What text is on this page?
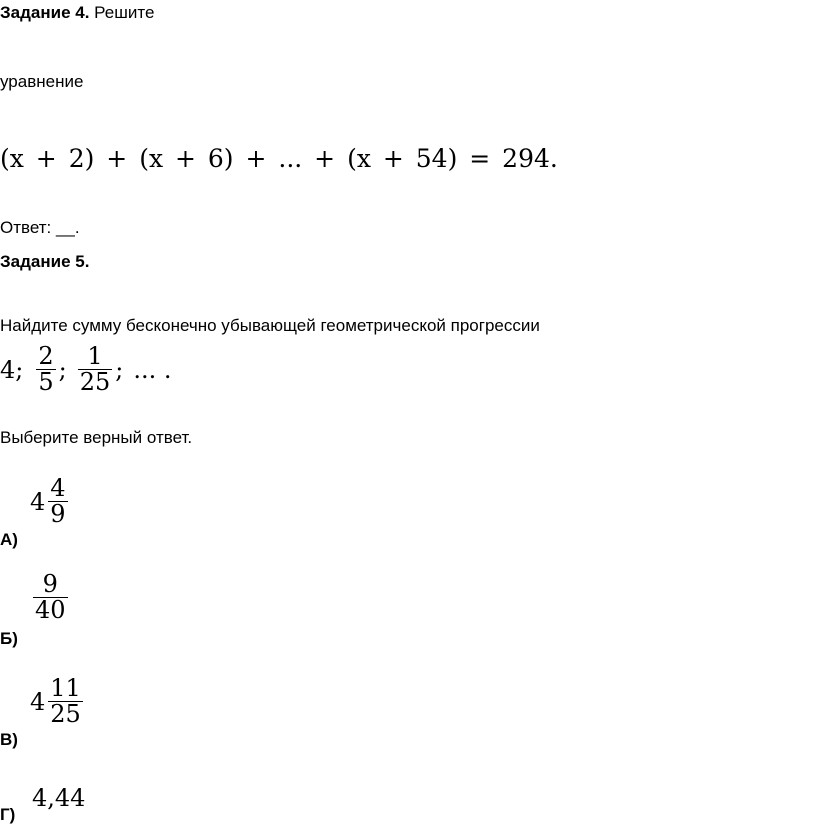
Задание 4. Решите
уравнение
(x + 2) + (x + 6) + ... + (x + 54) = 294.
Ответ: __.
Задание 5.
Найдите сумму бесконечно убывающей геометрической прогрессии
4; $\frac{2}{5}$ ; $\frac{1}{25}$ ; ... .
Выберите верный ответ.
А)
$4 \frac{4}{9}$
Б)
$\frac{9}{40}$
В)
$4 \frac{11}{25}$
Г)
4,44
